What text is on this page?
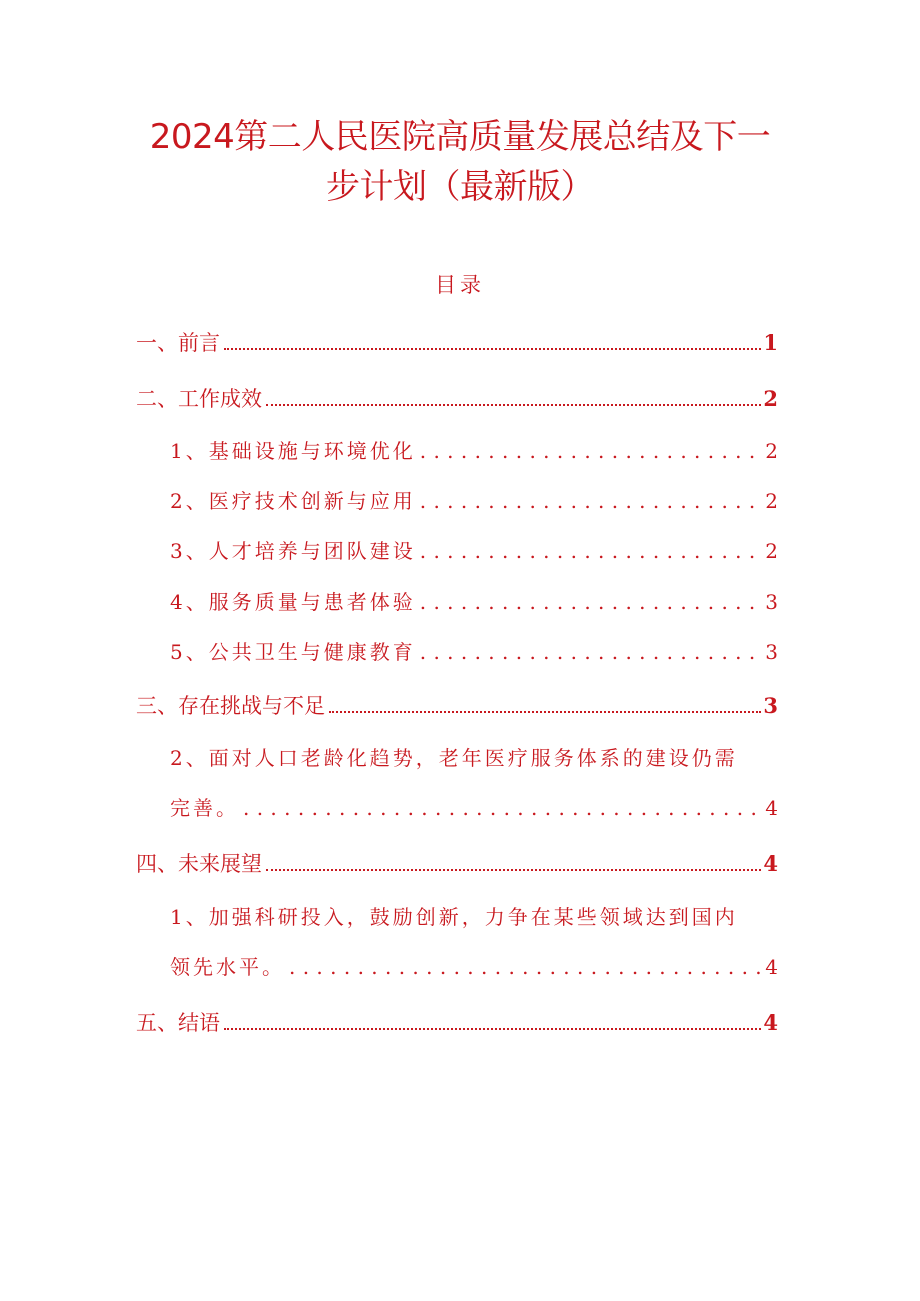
2024第二人民医院高质量发展总结及下一
步计划（最新版）
目录
一、前言	1
二、工作成效	2
1、基础设施与环境优化 . . .	2
2、医疗技术创新与应用 . . .	2
3、人才培养与团队建设 . . .	2
4、服务质量与患者体验 . . .	3
5、公共卫生与健康教育 . . .	3
三、存在挑战与不足	3
2、面对人口老龄化趋势，老年医疗服务体系的建设仍需
完善。 . . .	4
四、未来展望	4
1、加强科研投入，鼓励创新，力争在某些领域达到国内
领先水平。 . . .	4
五、结语	4
